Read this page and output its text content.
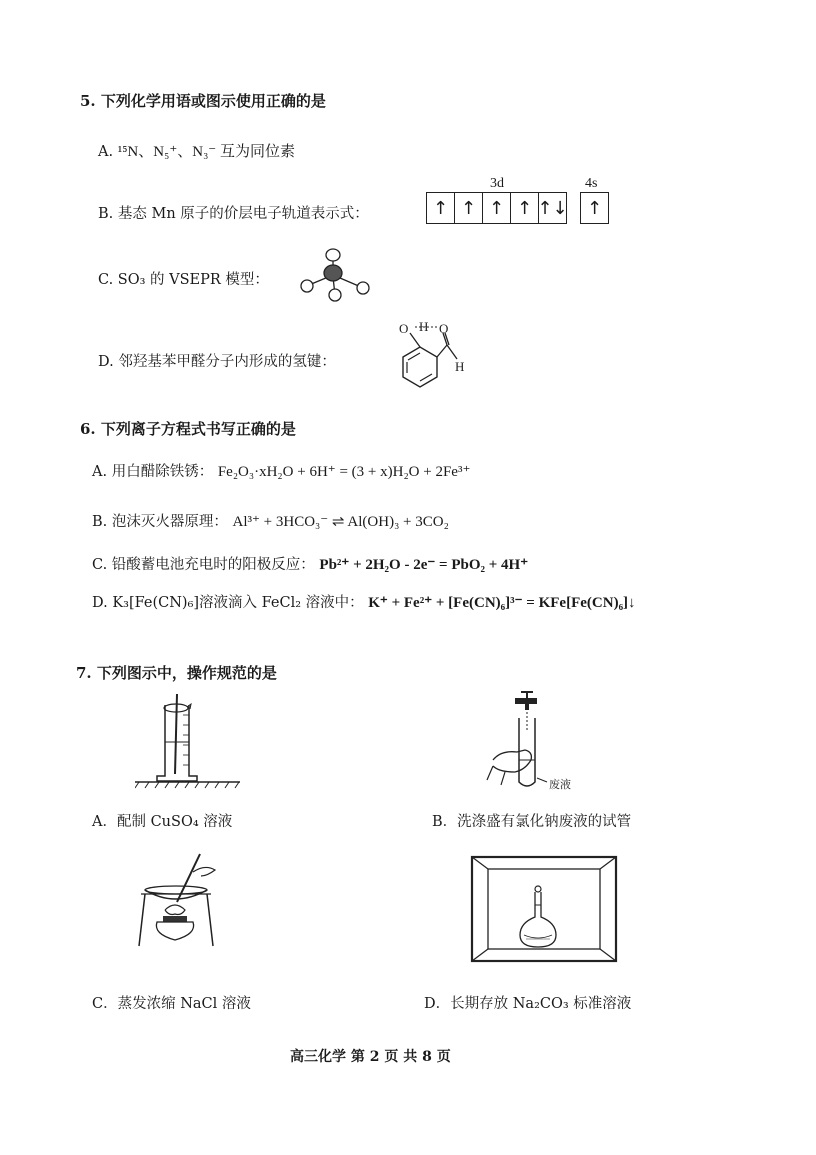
5. 下列化学用语或图示使用正确的是
A. ¹⁵N、N₅⁺、N₃⁻ 互为同位素
B. 基态 Mn 原子的价层电子轨道表示式：
3d	4s
↑ ↑ ↑ ↑ ↑↓	↑
C. SO₃ 的 VSEPR 模型：
D. 邻羟基苯甲醛分子内形成的氢键：
O H O
H
6. 下列离子方程式书写正确的是
A. 用白醋除铁锈： Fe₂O₃·xH₂O + 6H⁺ = (3 + x)H₂O + 2Fe³⁺
B. 泡沫灭火器原理： Al³⁺ + 3HCO₃⁻ ⇌ Al(OH)₃ + 3CO₂
C. 铅酸蓄电池充电时的阳极反应： Pb²⁺ + 2H₂O - 2e⁻ = PbO₂ + 4H⁺
D. K₃[Fe(CN)₆]溶液滴入 FeCl₂ 溶液中： K⁺ + Fe²⁺ + [Fe(CN)₆]³⁻ = KFe[Fe(CN)₆]↓
7. 下列图示中，操作规范的是
A．配制 CuSO₄ 溶液
废液
B．洗涤盛有氯化钠废液的试管
C．蒸发浓缩 NaCl 溶液	D．长期存放 Na₂CO₃ 标准溶液
高三化学 第 2 页 共 8 页
